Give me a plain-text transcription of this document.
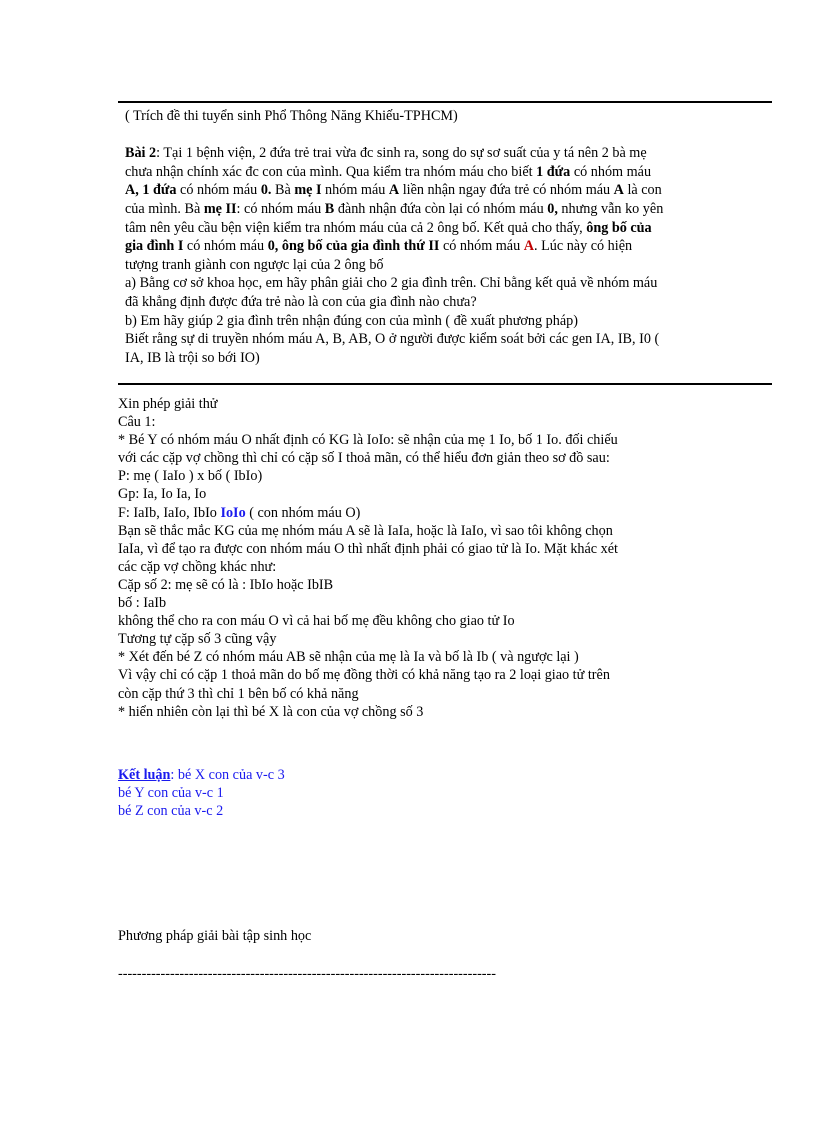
( Trích đề thi tuyển sinh Phổ Thông Năng Khiếu-TPHCM)
Bài 2: Tại 1 bệnh viện, 2 đứa trẻ trai vừa đc sinh ra, song do sự sơ suất của y tá nên 2 bà mẹ
chưa nhận chính xác đc con của mình. Qua kiểm tra nhóm máu cho biết 1 đứa có nhóm máu
A, 1 đứa có nhóm máu 0. Bà mẹ I nhóm máu A liền nhận ngay đứa trẻ có nhóm máu A là con
của mình. Bà mẹ II: có nhóm máu B đành nhận đứa còn lại có nhóm máu 0, nhưng vẫn ko yên
tâm nên yêu cầu bện viện kiểm tra nhóm máu của cả 2 ông bố. Kết quả cho thấy, ông bố của
gia đình I có nhóm máu 0, ông bố của gia đình thứ II có nhóm máu A. Lúc này có hiện
tượng tranh giành con ngược lại của 2 ông bố
a) Bằng cơ sở khoa học, em hãy phân giải cho 2 gia đình trên. Chỉ bằng kết quả về nhóm máu
đã khẳng định được đứa trẻ nào là con của gia đình nào chưa?
b) Em hãy giúp 2 gia đình trên nhận đúng con của mình ( đề xuất phương pháp)
Biết rằng sự di truyền nhóm máu A, B, AB, O ở người được kiểm soát bởi các gen IA, IB, I0 (
IA, IB là trội so bới IO)
Xin phép giải thử
Câu 1:
* Bé Y có nhóm máu O nhất định có KG là IoIo: sẽ nhận của mẹ 1 Io, bố 1 Io. đối chiếu
với các cặp vợ chồng thì chỉ có cặp số I thoả mãn, có thể hiểu đơn giản theo sơ đồ sau:
P: mẹ ( IaIo ) x bố ( IbIo)
Gp: Ia, Io Ia, Io
F: IaIb, IaIo, IbIo IoIo ( con nhóm máu O)
Bạn sẽ thắc mắc KG của mẹ nhóm máu A sẽ là IaIa, hoặc là IaIo, vì sao tôi không chọn
IaIa, vì để tạo ra được con nhóm máu O thì nhất định phải có giao tử là Io. Mặt khác xét
các cặp vợ chồng khác như:
Cặp số 2: mẹ sẽ có là : IbIo hoặc IbIB
bố : IaIb
không thể cho ra con máu O vì cả hai bố mẹ đều không cho giao tử Io
Tương tự cặp số 3 cũng vậy
* Xét đến bé Z có nhóm máu AB sẽ nhận của mẹ là Ia và bố là Ib ( và ngược lại )
Vì vậy chỉ có cặp 1 thoả mãn do bố mẹ đồng thời có khả năng tạo ra 2 loại giao tử trên
còn cặp thứ 3 thì chỉ 1 bên bố có khả năng
* hiển nhiên còn lại thì bé X là con của vợ chồng số 3
Kết luận: bé X con của v-c 3
bé Y con của v-c 1
bé Z con của v-c 2
Phương pháp giải bài tập sinh học
--------------------------------------------------------------------------------
